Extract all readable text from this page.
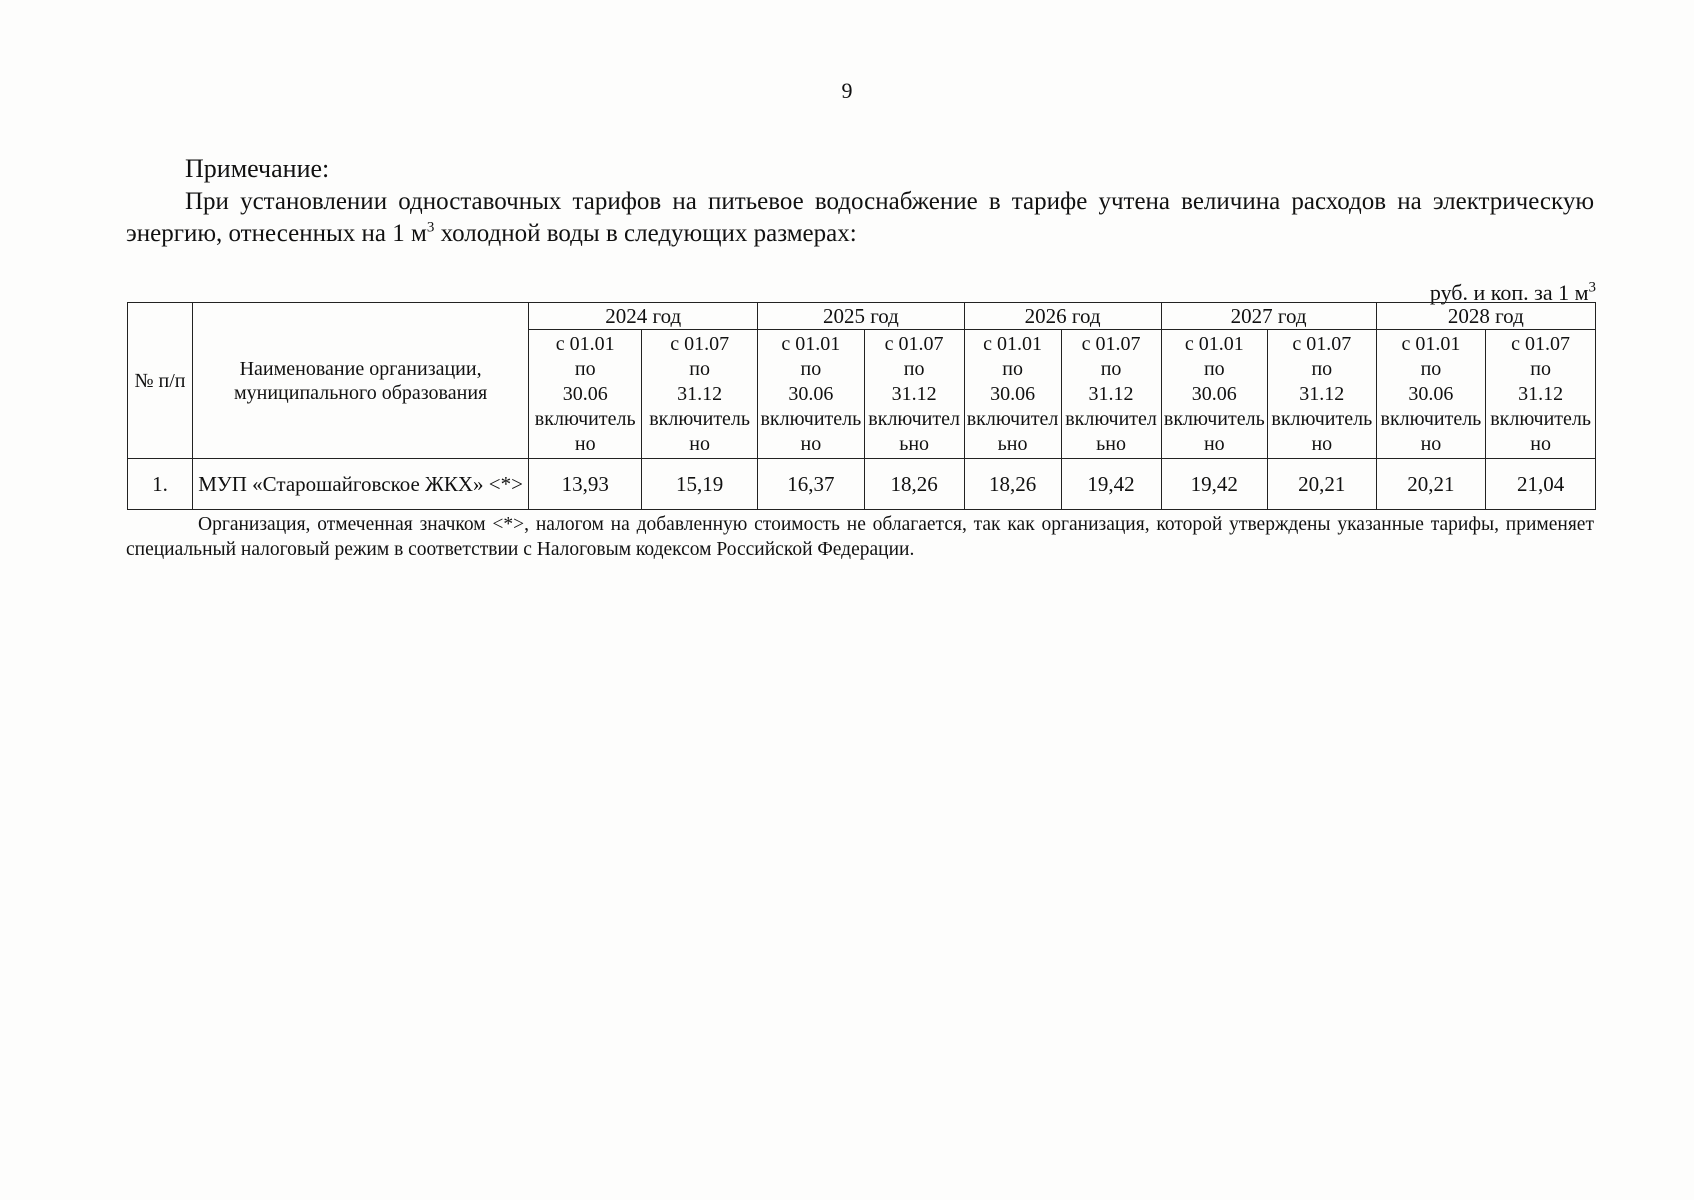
9
Примечание:
При установлении одноставочных тарифов на питьевое водоснабжение в тарифе учтена величина расходов на электрическую энергию, отнесенных на 1 $м^3$ холодной воды в следующих размерах:
руб. и коп. за 1 $м^3$
№ п/п	Наименование организации, муниципального образования	2024 год		2025 год		2026 год		2027 год		2028 год	

		с 01.01
по
30.06
включительно	с 01.07
по
31.12
включительно	с 01.01
по
30.06
включительно	с 01.07
по
31.12
включительно	с 01.01
по
30.06
включительно	с 01.07
по
31.12
включительно	с 01.01
по
30.06
включительно	с 01.07
по
31.12
включительно	с 01.01
по
30.06
включительно	с 01.07
по
31.12
включительно

1.	МУП «Старошайговское ЖКХ» <*>	13,93	15,19	16,37	18,26	18,26	19,42	19,42	20,21	20,21	21,04
Организация, отмеченная значком <*>, налогом на добавленную стоимость не облагается, так как организация, которой утверждены указанные тарифы, применяет специальный налоговый режим в соответствии с Налоговым кодексом Российской Федерации.
